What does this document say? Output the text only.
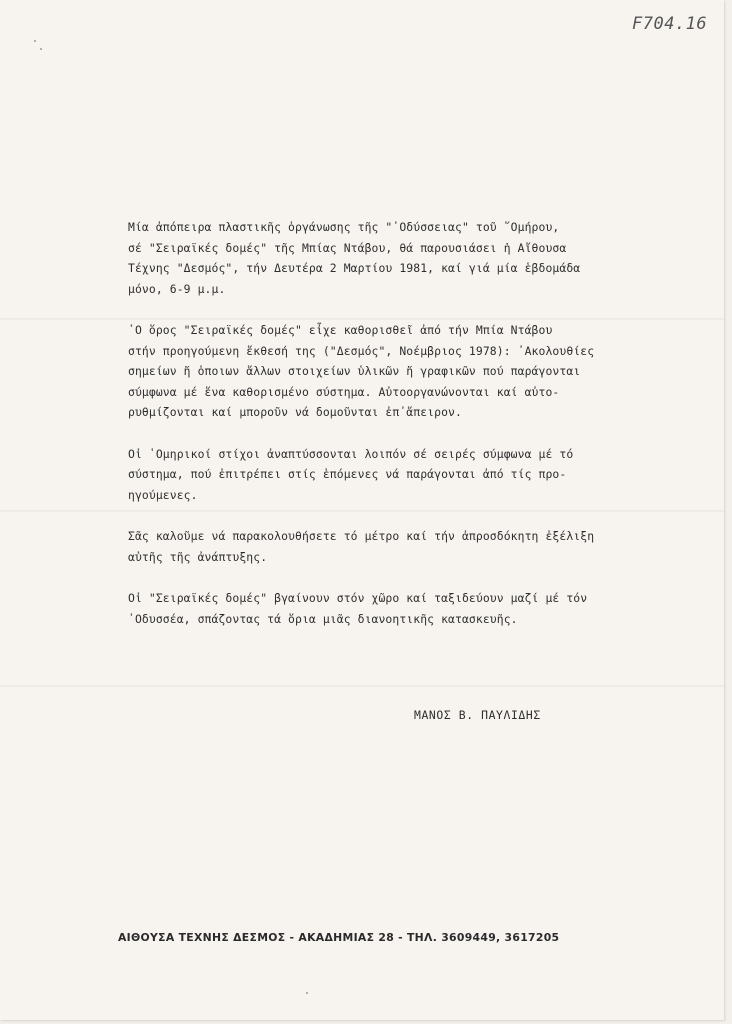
F704.16
Μία ἀπόπειρα πλαστικῆς ὀργάνωσης τῆς "᾿Οδύσσειας" τοῦ ῞Ομήρου,
σέ "Σειραϊκές δομές" τῆς Μπίας Ντάβου, θά παρουσιάσει ἡ Αἴθουσα
Τέχνης "Δεσμός", τήν Δευτέρα 2 Μαρτίου 1981, καί γιά μία ἑβδομάδα
μόνο, 6-9 μ.μ.
῾Ο ὅρος "Σειραϊκές δομές" εἶχε καθορισθεῖ ἀπό τήν Μπία Ντάβου
στήν προηγούμενη ἔκθεσή της ("Δεσμός", Νοέμβριος 1978): ᾿Ακολουθίες
σημείων ἤ ὁποιων ἄλλων στοιχείων ὑλικῶν ἤ γραφικῶν πού παράγονται
σύμφωνα μέ ἕνα καθορισμένο σύστημα. Αὐτοοργανώνονται καί αὐτο-
ρυθμίζονται καί μποροῦν νά δομοῦνται ἐπ᾿ἄπειρον.
Οἱ ῾Ομηρικοί στίχοι ἀναπτύσσονται λοιπόν σέ σειρές σύμφωνα μέ τό
σύστημα, πού ἐπιτρέπει στίς ἑπόμενες νά παράγονται ἀπό τίς προ-
ηγούμενες.
Σᾶς καλοῦμε νά παρακολουθήσετε τό μέτρο καί τήν ἀπροσδόκητη ἐξέλιξη
αὐτῆς τῆς ἀνάπτυξης.
Οἱ "Σειραϊκές δομές" βγαίνουν στόν χῶρο καί ταξιδεύουν μαζί μέ τόν
᾿Οδυσσέα, σπάζοντας τά ὅρια μιᾶς διανοητικῆς κατασκευῆς.
ΜΑΝΟΣ Β. ΠΑΥΛΙΔΗΣ
ΑΙΘΟΥΣΑ ΤΕΧΝΗΣ ΔΕΣΜΟΣ - ΑΚΑΔΗΜΙΑΣ 28 - ΤΗΛ. 3609449, 3617205
